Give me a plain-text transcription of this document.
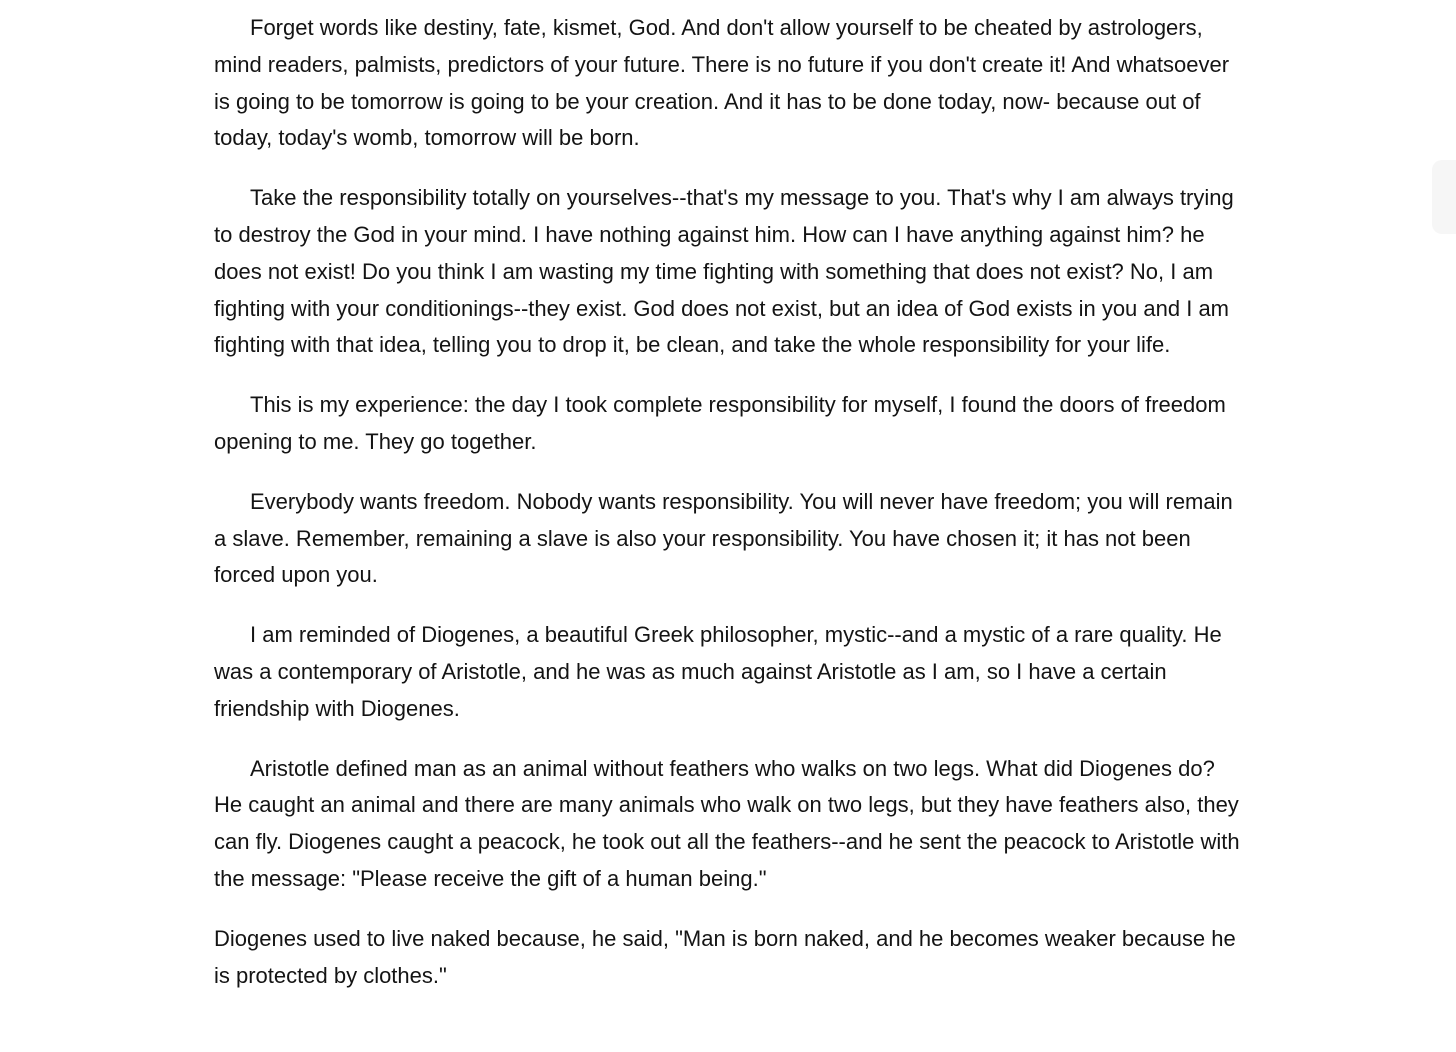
Forget words like destiny, fate, kismet, God. And don't allow yourself to be cheated by astrologers, mind readers, palmists, predictors of your future. There is no future if you don't create it! And whatsoever is going to be tomorrow is going to be your creation. And it has to be done today, now- because out of today, today's womb, tomorrow will be born.

Take the responsibility totally on yourselves--that's my message to you. That's why I am always trying to destroy the God in your mind. I have nothing against him. How can I have anything against him? he does not exist! Do you think I am wasting my time fighting with something that does not exist? No, I am fighting with your conditionings--they exist. God does not exist, but an idea of God exists in you and I am fighting with that idea, telling you to drop it, be clean, and take the whole responsibility for your life.

This is my experience: the day I took complete responsibility for myself, I found the doors of freedom opening to me. They go together.

Everybody wants freedom. Nobody wants responsibility. You will never have freedom; you will remain a slave. Remember, remaining a slave is also your responsibility. You have chosen it; it has not been forced upon you.

I am reminded of Diogenes, a beautiful Greek philosopher, mystic--and a mystic of a rare quality. He was a contemporary of Aristotle, and he was as much against Aristotle as I am, so I have a certain friendship with Diogenes.

Aristotle defined man as an animal without feathers who walks on two legs. What did Diogenes do? He caught an animal and there are many animals who walk on two legs, but they have feathers also, they can fly. Diogenes caught a peacock, he took out all the feathers--and he sent the peacock to Aristotle with the message: "Please receive the gift of a human being."

Diogenes used to live naked because, he said, "Man is born naked, and he becomes weaker because he is protected by clothes."
